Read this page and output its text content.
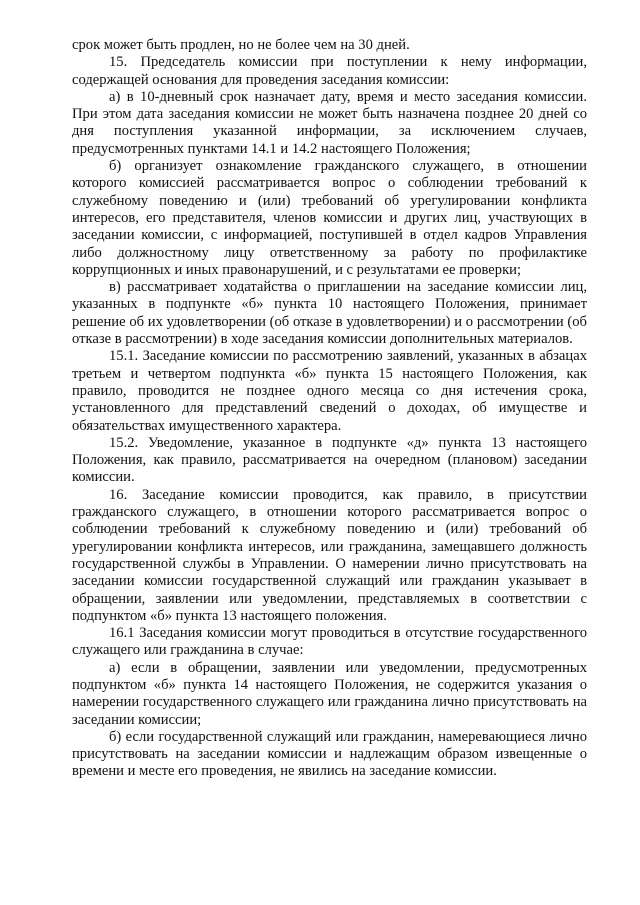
срок может быть продлен, но не более чем на 30 дней.

15. Председатель комиссии при поступлении к нему информации, содержащей основания для проведения заседания комиссии:

а) в 10-дневный срок назначает дату, время и место заседания комиссии. При этом дата заседания комиссии не может быть назначена позднее 20 дней со дня поступления указанной информации, за исключением случаев, предусмотренных пунктами 14.1 и 14.2 настоящего Положения;

б) организует ознакомление гражданского служащего, в отношении которого комиссией рассматривается вопрос о соблюдении требований к служебному поведению и (или) требований об урегулировании конфликта интересов, его представителя, членов комиссии и других лиц, участвующих в заседании комиссии, с информацией, поступившей в отдел кадров Управления либо должностному лицу ответственному за работу по профилактике коррупционных и иных правонарушений, и с результатами ее проверки;

в) рассматривает ходатайства о приглашении на заседание комиссии лиц, указанных в подпункте «б» пункта 10 настоящего Положения, принимает решение об их удовлетворении (об отказе в удовлетворении) и о рассмотрении (об отказе в рассмотрении) в ходе заседания комиссии дополнительных материалов.

15.1. Заседание комиссии по рассмотрению заявлений, указанных в абзацах третьем и четвертом подпункта «б» пункта 15 настоящего Положения, как правило, проводится не позднее одного месяца со дня истечения срока, установленного для представлений сведений о доходах, об имуществе и обязательствах имущественного характера.

15.2. Уведомление, указанное в подпункте «д» пункта 13 настоящего Положения, как правило, рассматривается на очередном (плановом) заседании комиссии.

16. Заседание комиссии проводится, как правило, в присутствии гражданского служащего, в отношении которого рассматривается вопрос о соблюдении требований к служебному поведению и (или) требований об урегулировании конфликта интересов, или гражданина, замещавшего должность государственной службы в Управлении. О намерении лично присутствовать на заседании комиссии государственной служащий или гражданин указывает в обращении, заявлении или уведомлении, представляемых в соответствии с подпунктом «б» пункта 13 настоящего положения.

16.1 Заседания комиссии могут проводиться в отсутствие государственного служащего или гражданина в случае:

а) если в обращении, заявлении или уведомлении, предусмотренных подпунктом «б» пункта 14 настоящего Положения, не содержится указания о намерении государственного служащего или гражданина лично присутствовать на заседании комиссии;

б) если государственной служащий или гражданин, намеревающиеся лично присутствовать на заседании комиссии и надлежащим образом извещенные о времени и месте его проведения, не явились на заседание комиссии.
